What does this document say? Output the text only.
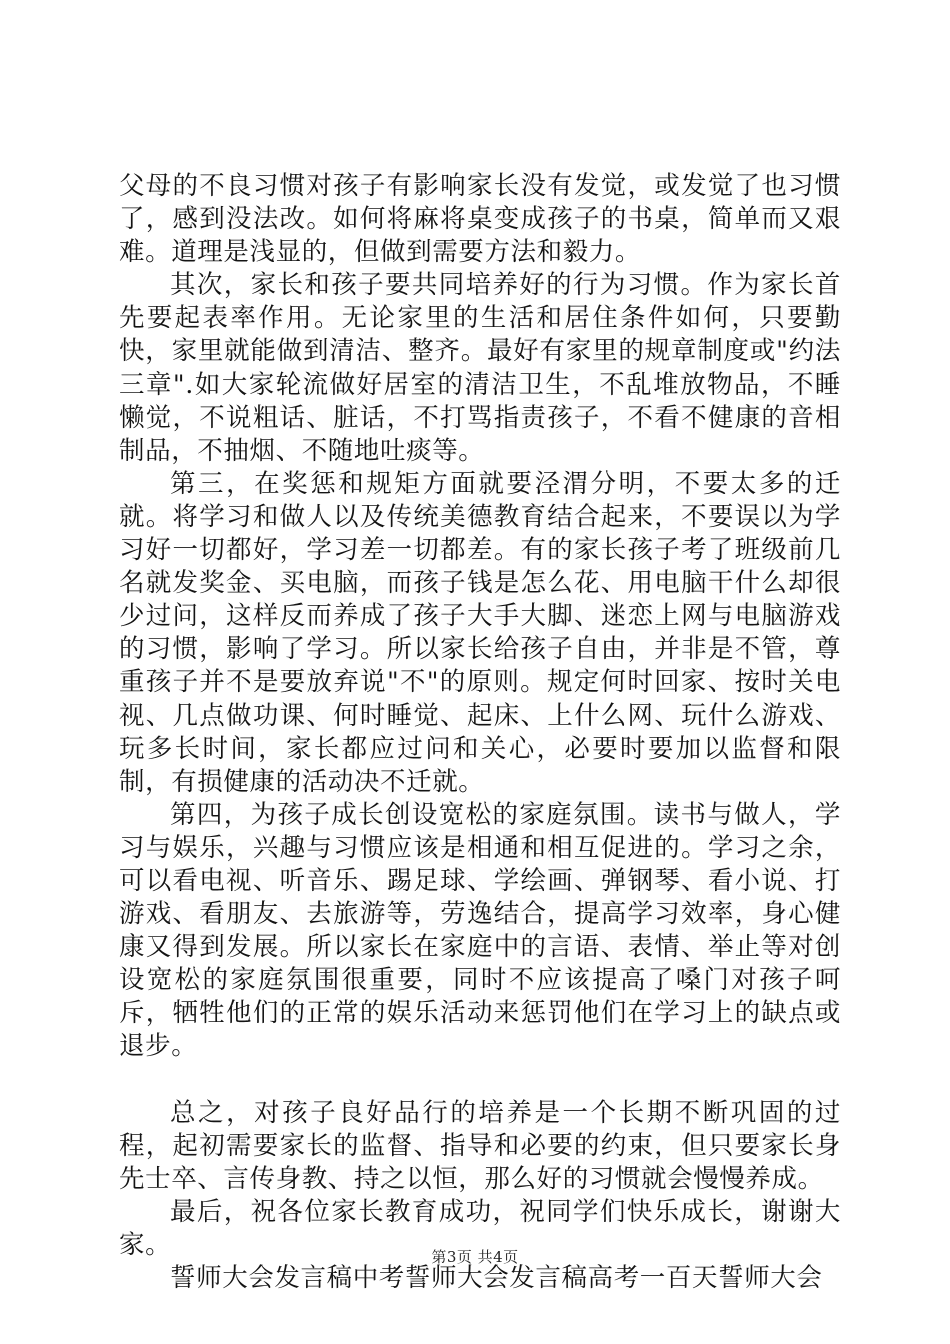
父母的不良习惯对孩子有影响家长没有发觉，或发觉了也习惯了，感到没法改。如何将麻将桌变成孩子的书桌，简单而又艰难。道理是浅显的，但做到需要方法和毅力。

其次，家长和孩子要共同培养好的行为习惯。作为家长首先要起表率作用。无论家里的生活和居住条件如何，只要勤快，家里就能做到清洁、整齐。最好有家里的规章制度或"约法三章".如大家轮流做好居室的清洁卫生，不乱堆放物品，不睡懒觉，不说粗话、脏话，不打骂指责孩子，不看不健康的音相制品，不抽烟、不随地吐痰等。

第三，在奖惩和规矩方面就要泾渭分明，不要太多的迁就。将学习和做人以及传统美德教育结合起来，不要误以为学习好一切都好，学习差一切都差。有的家长孩子考了班级前几名就发奖金、买电脑，而孩子钱是怎么花、用电脑干什么却很少过问，这样反而养成了孩子大手大脚、迷恋上网与电脑游戏的习惯，影响了学习。所以家长给孩子自由，并非是不管，尊重孩子并不是要放弃说"不"的原则。规定何时回家、按时关电视、几点做功课、何时睡觉、起床、上什么网、玩什么游戏、玩多长时间，家长都应过问和关心，必要时要加以监督和限制，有损健康的活动决不迁就。

第四，为孩子成长创设宽松的家庭氛围。读书与做人，学习与娱乐，兴趣与习惯应该是相通和相互促进的。学习之余，可以看电视、听音乐、踢足球、学绘画、弹钢琴、看小说、打游戏、看朋友、去旅游等，劳逸结合，提高学习效率，身心健康又得到发展。所以家长在家庭中的言语、表情、举止等对创设宽松的家庭氛围很重要，同时不应该提高了嗓门对孩子呵斥，牺牲他们的正常的娱乐活动来惩罚他们在学习上的缺点或退步。

总之，对孩子良好品行的培养是一个长期不断巩固的过程，起初需要家长的监督、指导和必要的约束，但只要家长身先士卒、言传身教、持之以恒，那么好的习惯就会慢慢养成。

最后，祝各位家长教育成功，祝同学们快乐成长，谢谢大家。

誓师大会发言稿中考誓师大会发言稿高考一百天誓师大会

第3页 共4页
